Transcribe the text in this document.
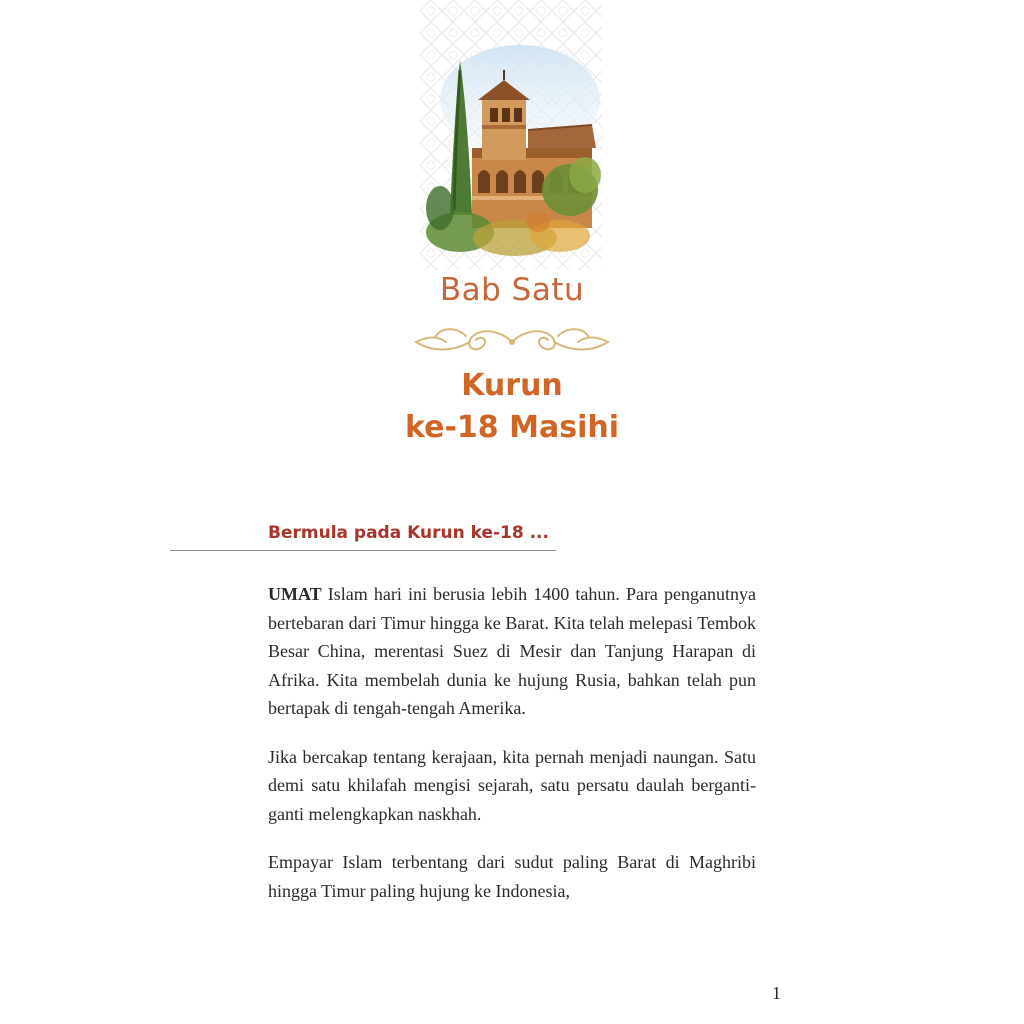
Bab Satu
Kurun
ke-18 Masihi
Bermula pada Kurun ke-18 ...

UMAT Islam hari ini berusia lebih 1400 tahun. Para penganutnya bertebaran dari Timur hingga ke Barat. Kita telah melepasi Tembok Besar China, merentasi Suez di Mesir dan Tanjung Harapan di Afrika. Kita membelah dunia ke hujung Rusia, bahkan telah pun bertapak di tengah-tengah Amerika.

Jika bercakap tentang kerajaan, kita pernah menjadi naungan. Satu demi satu khilafah mengisi sejarah, satu persatu daulah berganti-ganti melengkapkan naskhah.

Empayar Islam terbentang dari sudut paling Barat di Maghribi hingga Timur paling hujung ke Indonesia,

1
